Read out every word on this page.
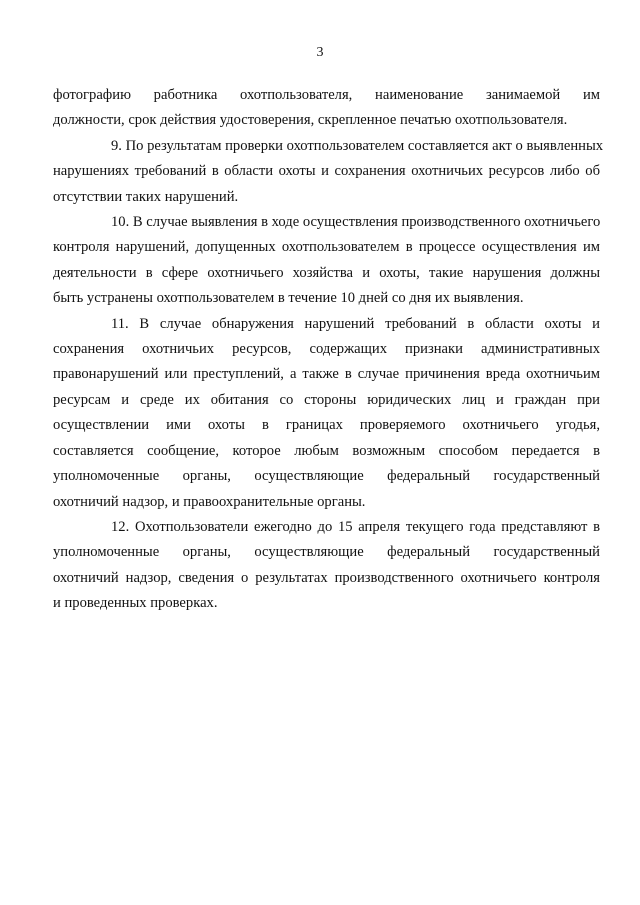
3
фотографию работника охотпользователя, наименование занимаемой им
должности, срок действия удостоверения, скрепленное печатью охотпользователя.
9. По результатам проверки охотпользователем составляется акт о выявленных
нарушениях требований в области охоты и сохранения охотничьих ресурсов либо об
отсутствии таких нарушений.
10. В случае выявления в ходе осуществления производственного охотничьего
контроля нарушений, допущенных охотпользователем в процессе осуществления им
деятельности в сфере охотничьего хозяйства и охоты, такие нарушения должны
быть устранены охотпользователем в течение 10 дней со дня их выявления.
11. В случае обнаружения нарушений требований в области охоты и
сохранения охотничьих ресурсов, содержащих признаки административных
правонарушений или преступлений, а также в случае причинения вреда охотничьим
ресурсам и среде их обитания со стороны юридических лиц и граждан при
осуществлении ими охоты в границах проверяемого охотничьего угодья,
составляется сообщение, которое любым возможным способом передается в
уполномоченные органы, осуществляющие федеральный государственный
охотничий надзор, и правоохранительные органы.
12. Охотпользователи ежегодно до 15 апреля текущего года представляют в
уполномоченные органы, осуществляющие федеральный государственный
охотничий надзор, сведения о результатах производственного охотничьего контроля
и проведенных проверках.
